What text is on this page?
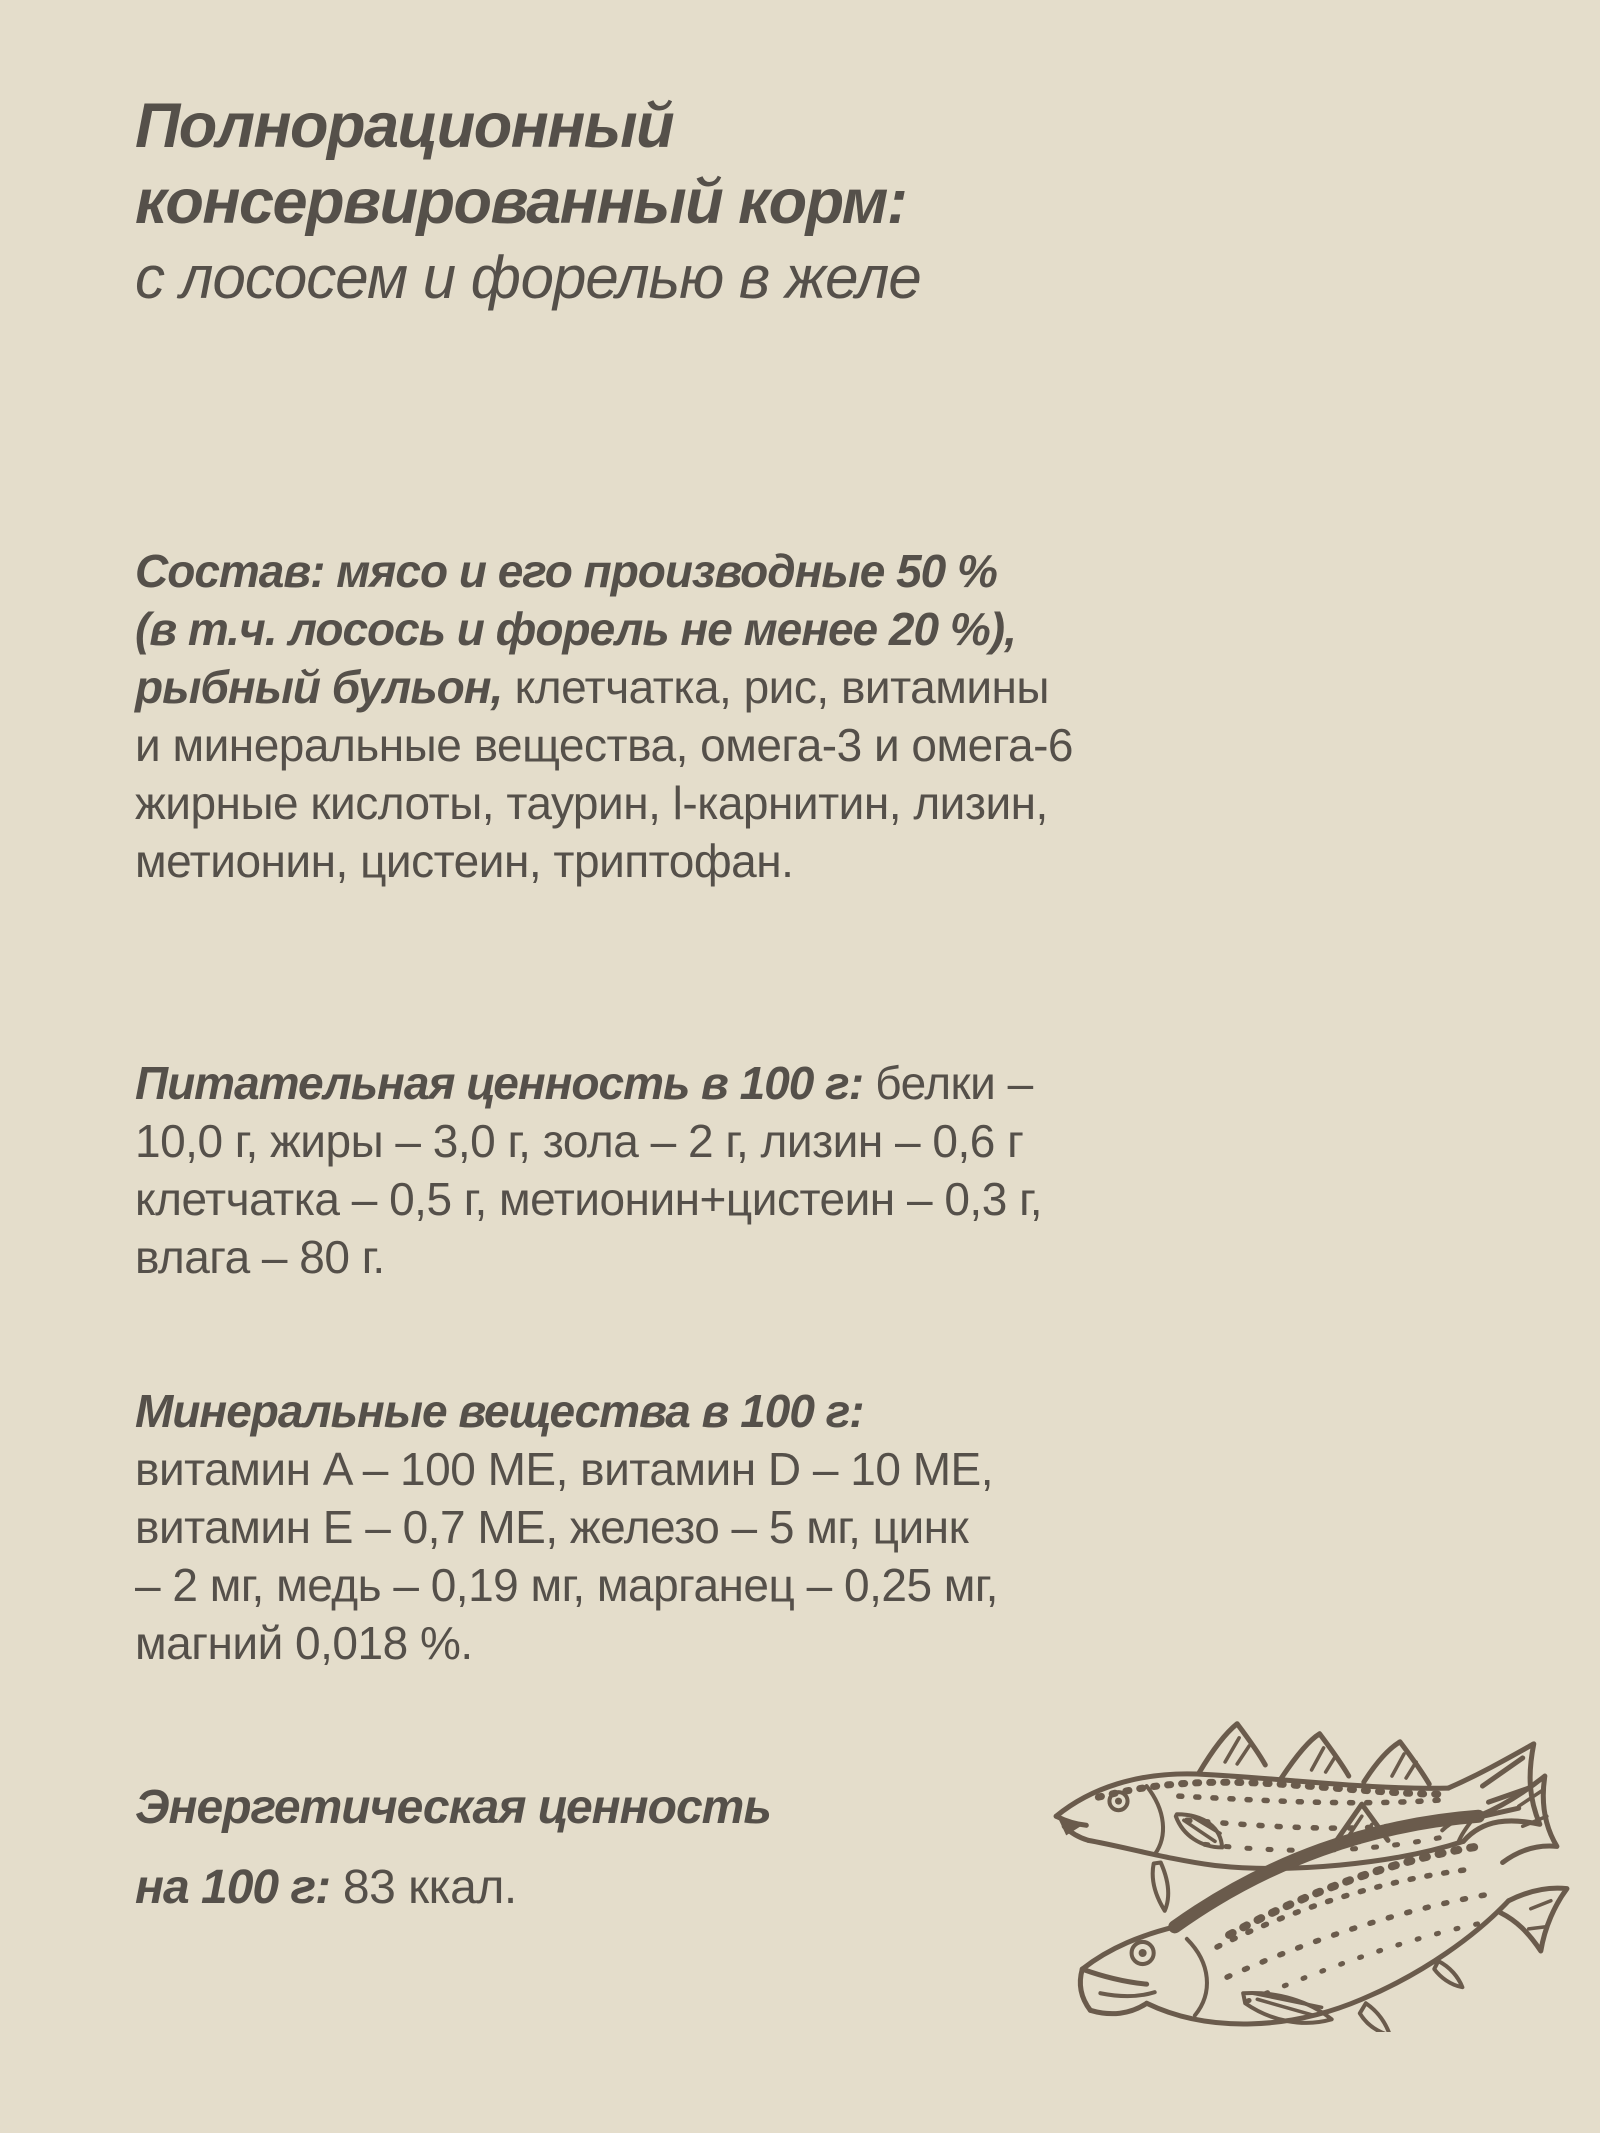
Полнорационный
консервированный корм:
с лососем и форелью в желе
Состав: мясо и его производные 50 %
(в т.ч. лосось и форель не менее 20 %),
рыбный бульон, клетчатка, рис, витамины
и минеральные вещества, омега-3 и омега-6
жирные кислоты, таурин, l-карнитин, лизин,
метионин, цистеин, триптофан.
Питательная ценность в 100 г: белки –
10,0 г, жиры – 3,0 г, зола – 2 г, лизин – 0,6 г
клетчатка – 0,5 г, метионин+цистеин – 0,3 г,
влага – 80 г.
Минеральные вещества в 100 г:
витамин A – 100 МЕ, витамин D – 10 МЕ,
витамин E – 0,7 МЕ, железо – 5 мг, цинк
– 2 мг, медь – 0,19 мг, марганец – 0,25 мг,
магний 0,018 %.
Энергетическая ценность
на 100 г: 83 ккал.
